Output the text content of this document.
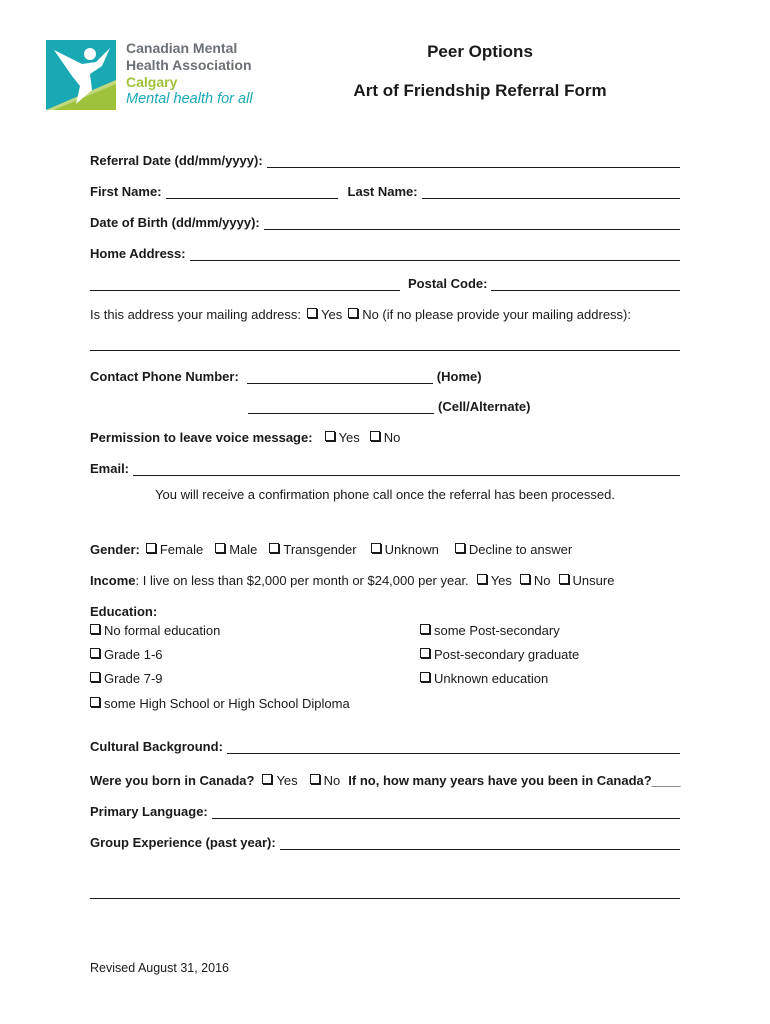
Canadian Mental
Health Association
Calgary
Mental health for all
Peer Options
Art of Friendship Referral Form
Referral Date (dd/mm/yyyy):
First Name:	Last Name:
Date of Birth (dd/mm/yyyy):
Home Address:
Postal Code:
Is this address your mailing address: Yes No (if no please provide your mailing address):
Contact Phone Number:	(Home)
(Cell/Alternate)
Permission to leave voice message: Yes No
Email:
You will receive a confirmation phone call once the referral has been processed.
Gender: Female Male Transgender Unknown Decline to answer
Income : I live on less than $2,000 per month or $24,000 per year. Yes No Unsure
Education:
No formal education
Grade 1-6
Grade 7-9
some High School or High School Diploma
some Post-secondary
Post-secondary graduate
Unknown education
Cultural Background:
Were you born in Canada? Yes No If no, how many years have you been in Canada?____
Primary Language:
Group Experience (past year):
Revised August 31, 2016
